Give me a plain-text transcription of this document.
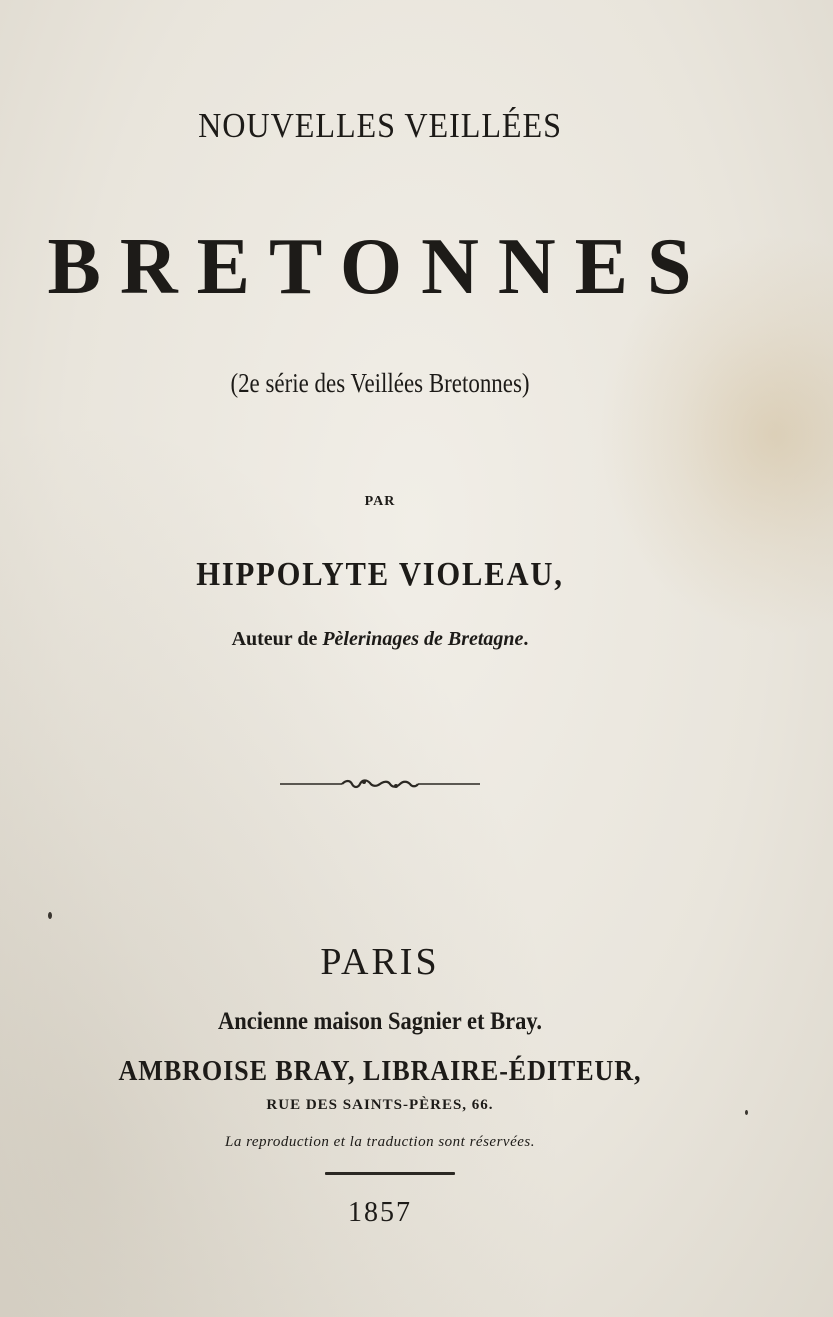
NOUVELLES VEILLÉES
BRETONNES
(2e série des Veillées Bretonnes)
PAR
HIPPOLYTE VIOLEAU,
Auteur de Pèlerinages de Bretagne.
PARIS
Ancienne maison Sagnier et Bray.
AMBROISE BRAY, LIBRAIRE-ÉDITEUR,
RUE DES SAINTS-PÈRES, 66.
La reproduction et la traduction sont réservées.
1857
